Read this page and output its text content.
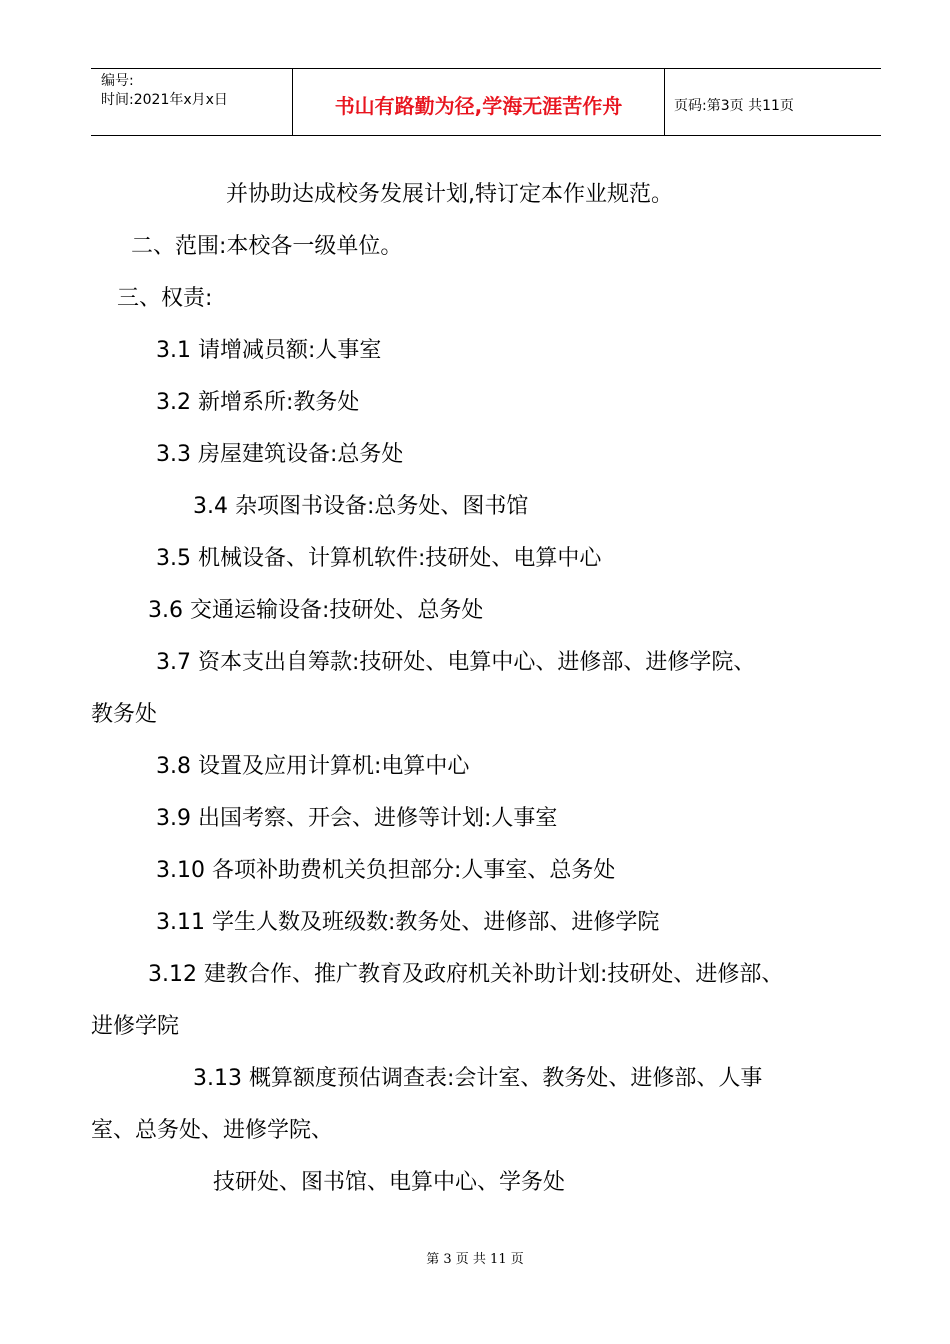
编号:
时间:2021年x月x日	书山有路勤为径,学海无涯苦作舟	页码:第3页 共11页
并协助达成校务发展计划,特订定本作业规范。
二、范围:本校各一级单位。
三、权责:
3.1 请增减员额:人事室
3.2 新增系所:教务处
3.3 房屋建筑设备:总务处
3.4 杂项图书设备:总务处、图书馆
3.5 机械设备、计算机软件:技研处、电算中心
3.6 交通运输设备:技研处、总务处
3.7 资本支出自筹款:技研处、电算中心、进修部、进修学院、
教务处
3.8 设置及应用计算机:电算中心
3.9 出国考察、开会、进修等计划:人事室
3.10 各项补助费机关负担部分:人事室、总务处
3.11 学生人数及班级数:教务处、进修部、进修学院
3.12 建教合作、推广教育及政府机关补助计划:技研处、进修部、
进修学院
3.13 概算额度预估调查表:会计室、教务处、进修部、人事
室、总务处、进修学院、
技研处、图书馆、电算中心、学务处
第 3 页 共 11 页
